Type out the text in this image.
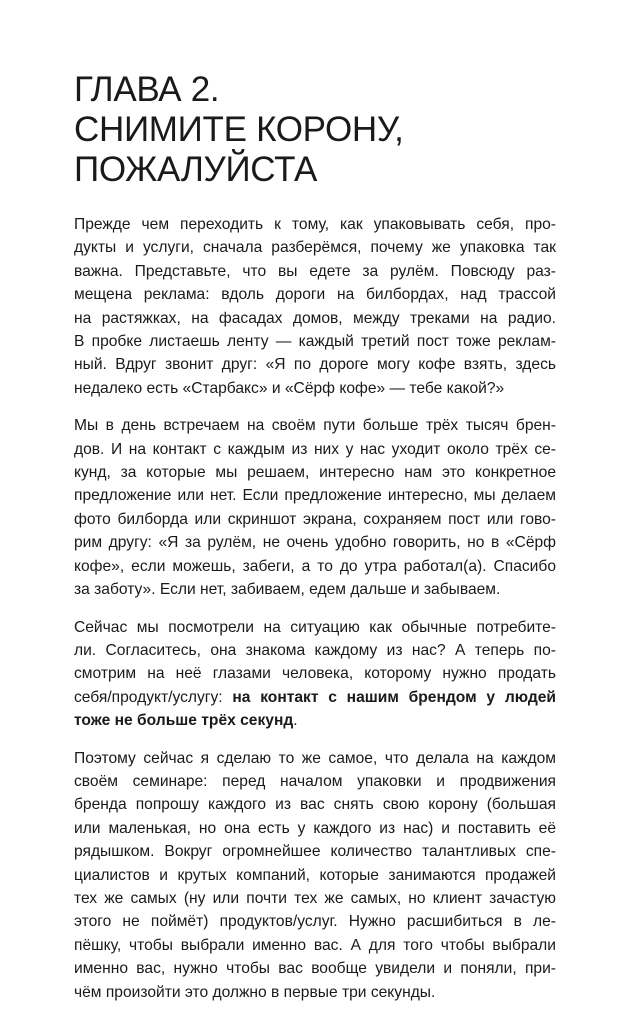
ГЛАВА 2.
СНИМИТЕ КОРОНУ,
ПОЖАЛУЙСТА

Прежде чем переходить к тому, как упаковывать себя, про-
дукты и услуги, сначала разберёмся, почему же упаковка так
важна. Представьте, что вы едете за рулём. Повсюду раз-
мещена реклама: вдоль дороги на билбордах, над трассой
на растяжках, на фасадах домов, между треками на радио.
В пробке листаешь ленту — каждый третий пост тоже реклам-
ный. Вдруг звонит друг: «Я по дороге могу кофе взять, здесь
недалеко есть «Старбакс» и «Сёрф кофе» — тебе какой?»

Мы в день встречаем на своём пути больше трёх тысяч брен-
дов. И на контакт с каждым из них у нас уходит около трёх се-
кунд, за которые мы решаем, интересно нам это конкретное
предложение или нет. Если предложение интересно, мы делаем
фото билборда или скриншот экрана, сохраняем пост или гово-
рим другу: «Я за рулём, не очень удобно говорить, но в «Сёрф
кофе», если можешь, забеги, а то до утра работал(а). Спасибо
за заботу». Если нет, забиваем, едем дальше и забываем.

Сейчас мы посмотрели на ситуацию как обычные потребите-
ли. Согласитесь, она знакома каждому из нас? А теперь по-
смотрим на неё глазами человека, которому нужно продать
себя/продукт/услугу: на контакт с нашим брендом у людей
тоже не больше трёх секунд.

Поэтому сейчас я сделаю то же самое, что делала на каждом
своём семинаре: перед началом упаковки и продвижения
бренда попрошу каждого из вас снять свою корону (большая
или маленькая, но она есть у каждого из нас) и поставить её
рядышком. Вокруг огромнейшее количество талантливых спе-
циалистов и крутых компаний, которые занимаются продажей
тех же самых (ну или почти тех же самых, но клиент зачастую
этого не поймёт) продуктов/услуг. Нужно расшибиться в ле-
пёшку, чтобы выбрали именно вас. А для того чтобы выбрали
именно вас, нужно чтобы вас вообще увидели и поняли, при-
чём произойти это должно в первые три секунды.
